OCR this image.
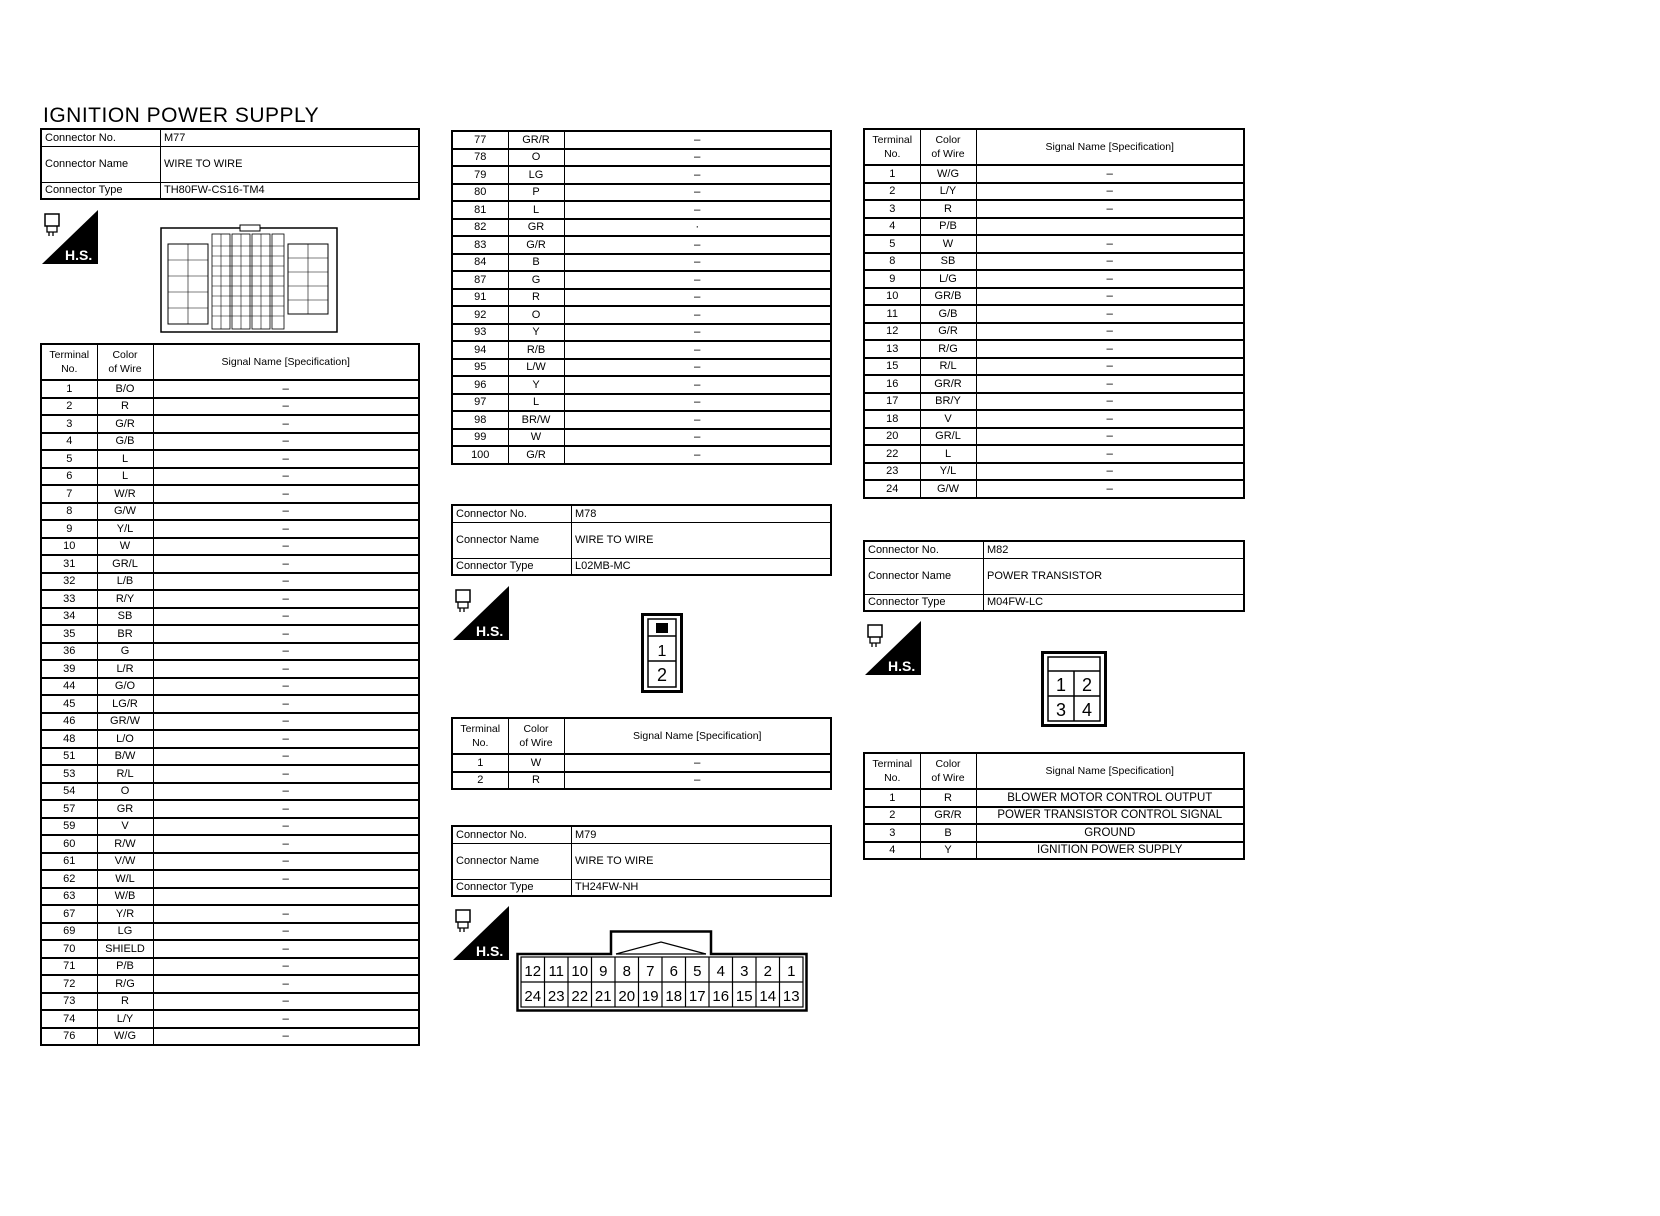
IGNITION POWER SUPPLY
Connector No.	M77
Connector Name	WIRE TO WIRE
Connector Type	TH80FW-CS16-TM4
H.S.
Terminal
No.	Color
of Wire	Signal Name [Specification]
1	B/O	–
2	R	–
3	G/R	–
4	G/B	–
5	L	–
6	L	–
7	W/R	–
8	G/W	–
9	Y/L	–
10	W	–
31	GR/L	–
32	L/B	–
33	R/Y	–
34	SB	–
35	BR	–
36	G	–
39	L/R	–
44	G/O	–
45	LG/R	–
46	GR/W	–
48	L/O	–
51	B/W	–
53	R/L	–
54	O	–
57	GR	–
59	V	–
60	R/W	–
61	V/W	–
62	W/L	–
63	W/B	
67	Y/R	–
69	LG	–
70	SHIELD	–
71	P/B	–
72	R/G	–
73	R	–
74	L/Y	–
76	W/G	–
77	GR/R	–
78	O	–
79	LG	–
80	P	–
81	L	–
82	GR	·
83	G/R	–
84	B	–
87	G	–
91	R	–
92	O	–
93	Y	–
94	R/B	–
95	L/W	–
96	Y	–
97	L	–
98	BR/W	–
99	W	–
100	G/R	–
Connector No.	M78
Connector Name	WIRE TO WIRE
Connector Type	L02MB-MC
H.S.
1
2
Terminal
No.	Color
of Wire	Signal Name [Specification]
1	W	–
2	R	–
Connector No.	M79
Connector Name	WIRE TO WIRE
Connector Type	TH24FW-NH
H.S.
12
24
11
23
10
22
9
21
8
20
7
19
6
18
5
17
4
16
3
15
2
14
1
13
Terminal
No.	Color
of Wire	Signal Name [Specification]
1	W/G	–
2	L/Y	–
3	R	–
4	P/B	
5	W	–
8	SB	–
9	L/G	–
10	GR/B	–
11	G/B	–
12	G/R	–
13	R/G	–
15	R/L	–
16	GR/R	–
17	BR/Y	–
18	V	–
20	GR/L	–
22	L	–
23	Y/L	–
24	G/W	–
Connector No.	M82
Connector Name	POWER TRANSISTOR
Connector Type	M04FW-LC
H.S.
1 2
3 4
Terminal
No.	Color
of Wire	Signal Name [Specification]
1	R	BLOWER MOTOR CONTROL OUTPUT
2	GR/R	POWER TRANSISTOR CONTROL SIGNAL
3	B	GROUND
4	Y	IGNITION POWER SUPPLY
